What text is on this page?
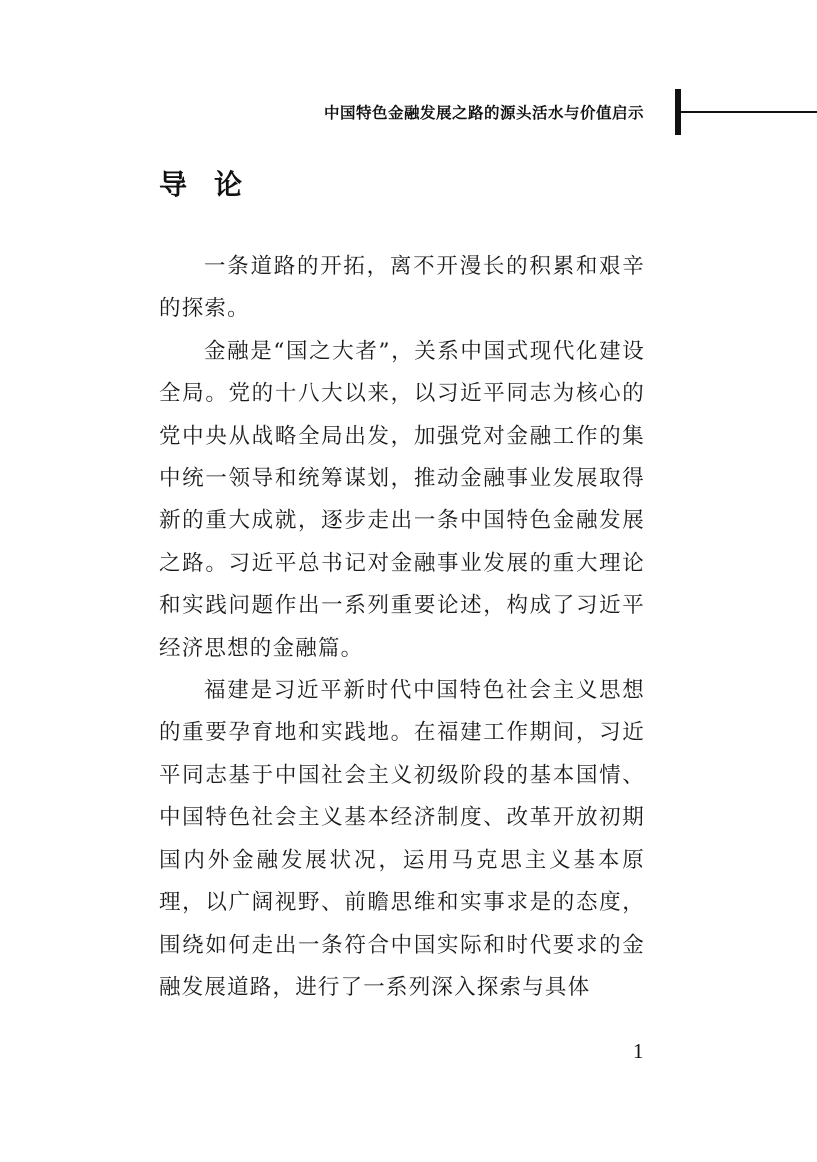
中国特色金融发展之路的源头活水与价值启示
导论

一条道路的开拓，离不开漫长的积累和艰辛的探索。

金融是“国之大者”，关系中国式现代化建设全局。党的十八大以来，以习近平同志为核心的党中央从战略全局出发，加强党对金融工作的集中统一领导和统筹谋划，推动金融事业发展取得新的重大成就，逐步走出一条中国特色金融发展之路。习近平总书记对金融事业发展的重大理论和实践问题作出一系列重要论述，构成了习近平经济思想的金融篇。

福建是习近平新时代中国特色社会主义思想的重要孕育地和实践地。在福建工作期间，习近平同志基于中国社会主义初级阶段的基本国情、中国特色社会主义基本经济制度、改革开放初期国内外金融发展状况，运用马克思主义基本原理，以广阔视野、前瞻思维和实事求是的态度，围绕如何走出一条符合中国实际和时代要求的金融发展道路，进行了一系列深入探索与具体

1
